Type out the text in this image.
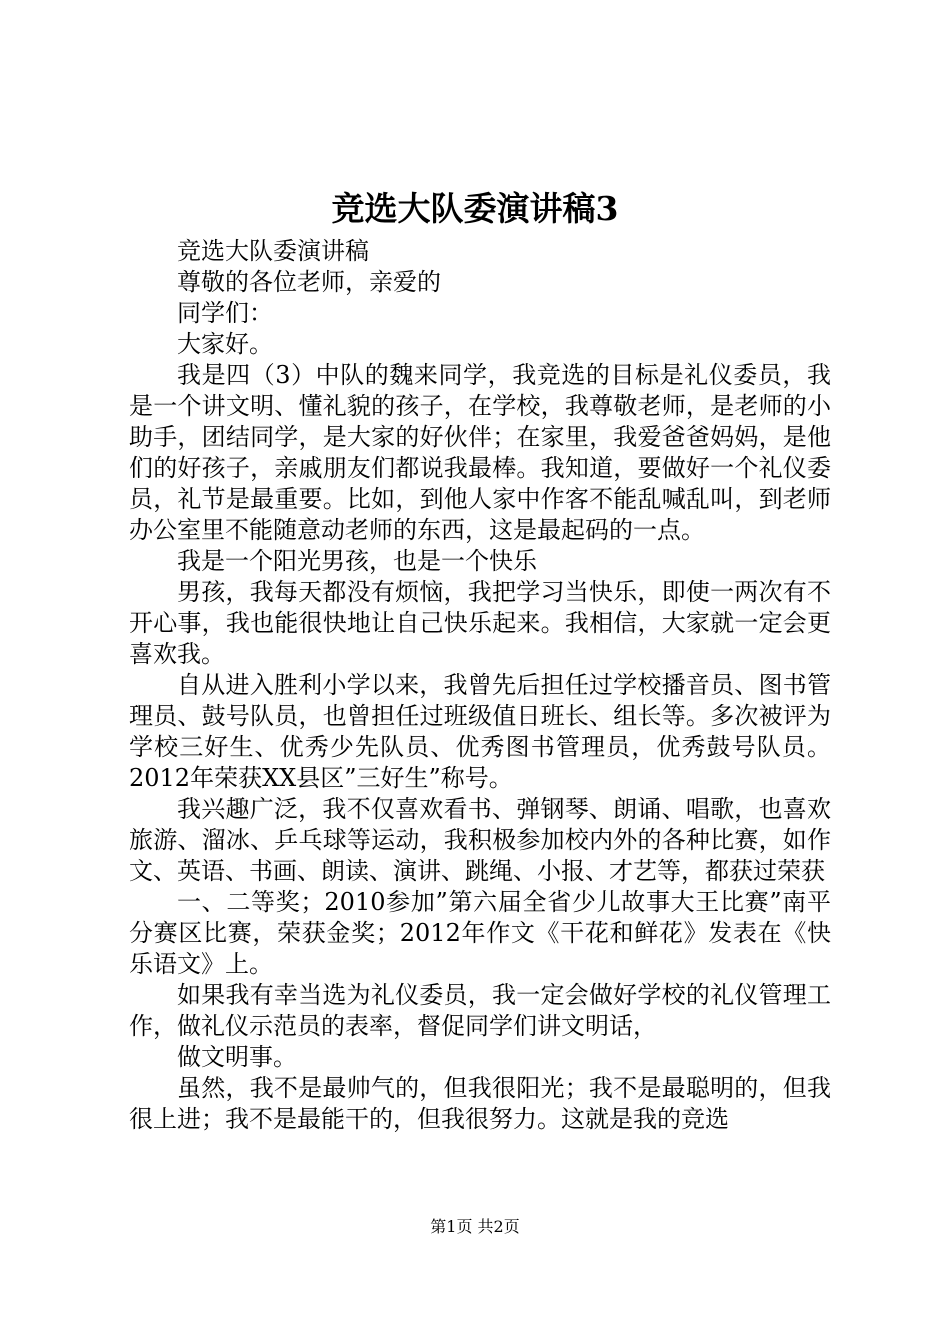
竞选大队委演讲稿3

竞选大队委演讲稿

尊敬的各位老师，亲爱的

同学们：

大家好。

我是四（3）中队的魏来同学，我竞选的目标是礼仪委员，我是一个讲文明、懂礼貌的孩子，在学校，我尊敬老师，是老师的小助手，团结同学，是大家的好伙伴；在家里，我爱爸爸妈妈，是他们的好孩子，亲戚朋友们都说我最棒。我知道，要做好一个礼仪委员，礼节是最重要。比如，到他人家中作客不能乱喊乱叫，到老师办公室里不能随意动老师的东西，这是最起码的一点。

我是一个阳光男孩，也是一个快乐

男孩，我每天都没有烦恼，我把学习当快乐，即使一两次有不开心事，我也能很快地让自己快乐起来。我相信，大家就一定会更喜欢我。

自从进入胜利小学以来，我曾先后担任过学校播音员、图书管理员、鼓号队员，也曾担任过班级值日班长、组长等。多次被评为学校三好生、优秀少先队员、优秀图书管理员，优秀鼓号队员。2012年荣获XX县区”三好生”称号。

我兴趣广泛，我不仅喜欢看书、弹钢琴、朗诵、唱歌，也喜欢旅游、溜冰、乒乓球等运动，我积极参加校内外的各种比赛，如作文、英语、书画、朗读、演讲、跳绳、小报、才艺等，都获过荣获

一、二等奖；2010参加”第六届全省少儿故事大王比赛”南平分赛区比赛，荣获金奖；2012年作文《干花和鲜花》发表在《快乐语文》上。

如果我有幸当选为礼仪委员，我一定会做好学校的礼仪管理工作，做礼仪示范员的表率，督促同学们讲文明话，

做文明事。

虽然，我不是最帅气的，但我很阳光；我不是最聪明的，但我很上进；我不是最能干的，但我很努力。这就是我的竞选

第1页 共2页
